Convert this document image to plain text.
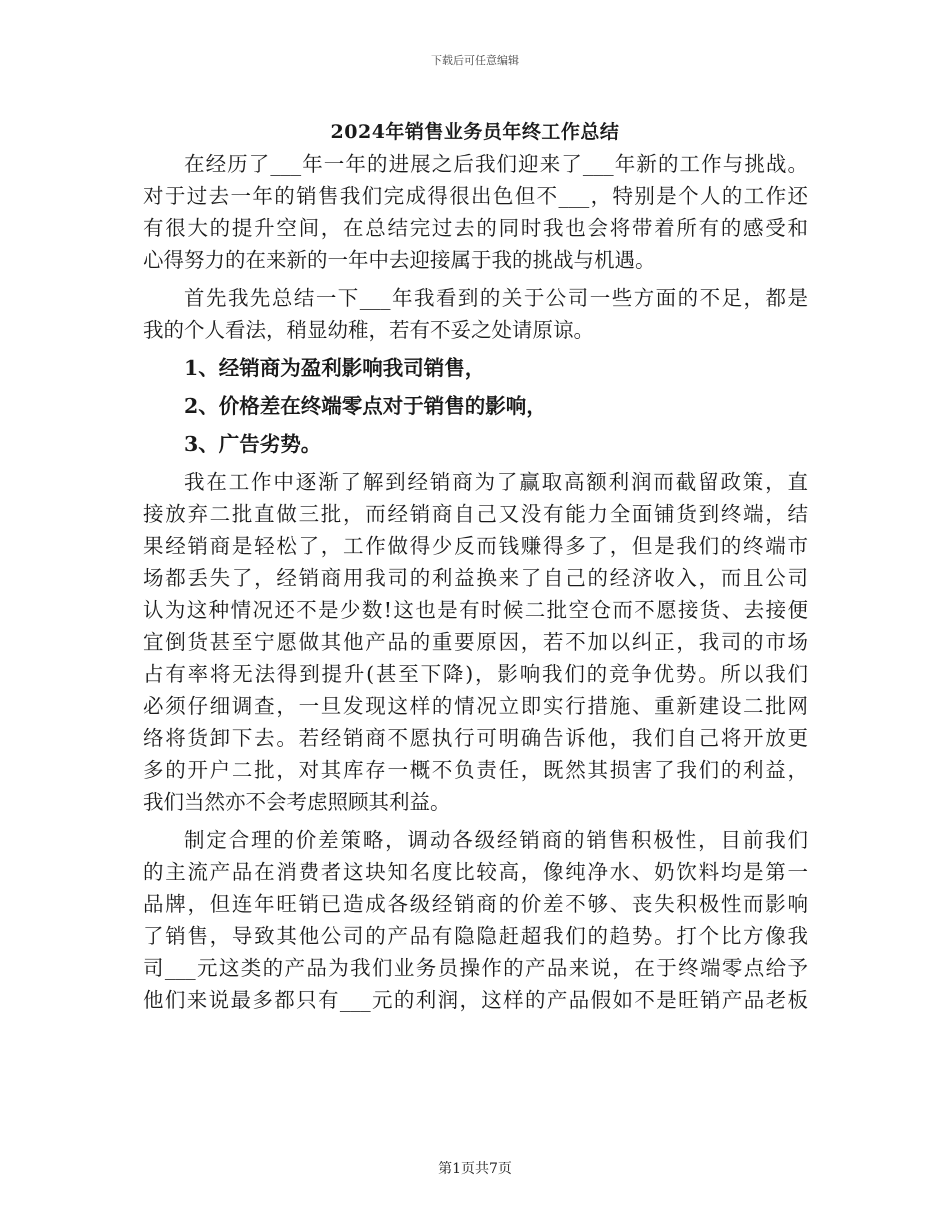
下载后可任意编辑
2024年销售业务员年终工作总结
在经历了___年一年的进展之后我们迎来了___年新的工作与挑战。
对于过去一年的销售我们完成得很出色但不___，特别是个人的工作还
有很大的提升空间，在总结完过去的同时我也会将带着所有的感受和
心得努力的在来新的一年中去迎接属于我的挑战与机遇。
首先我先总结一下___年我看到的关于公司一些方面的不足，都是
我的个人看法，稍显幼稚，若有不妥之处请原谅。
1、经销商为盈利影响我司销售，
2、价格差在终端零点对于销售的影响，
3、广告劣势。
我在工作中逐渐了解到经销商为了赢取高额利润而截留政策，直
接放弃二批直做三批，而经销商自己又没有能力全面铺货到终端，结
果经销商是轻松了，工作做得少反而钱赚得多了，但是我们的终端市
场都丢失了，经销商用我司的利益换来了自己的经济收入，而且公司
认为这种情况还不是少数!这也是有时候二批空仓而不愿接货、去接便
宜倒货甚至宁愿做其他产品的重要原因，若不加以纠正，我司的市场
占有率将无法得到提升(甚至下降)，影响我们的竞争优势。所以我们
必须仔细调查，一旦发现这样的情况立即实行措施、重新建设二批网
络将货卸下去。若经销商不愿执行可明确告诉他，我们自己将开放更
多的开户二批，对其库存一概不负责任，既然其损害了我们的利益，
我们当然亦不会考虑照顾其利益。
制定合理的价差策略，调动各级经销商的销售积极性，目前我们
的主流产品在消费者这块知名度比较高，像纯净水、奶饮料均是第一
品牌，但连年旺销已造成各级经销商的价差不够、丧失积极性而影响
了销售，导致其他公司的产品有隐隐赶超我们的趋势。打个比方像我
司___元这类的产品为我们业务员操作的产品来说，在于终端零点给予
他们来说最多都只有___元的利润，这样的产品假如不是旺销产品老板
第1页共7页
